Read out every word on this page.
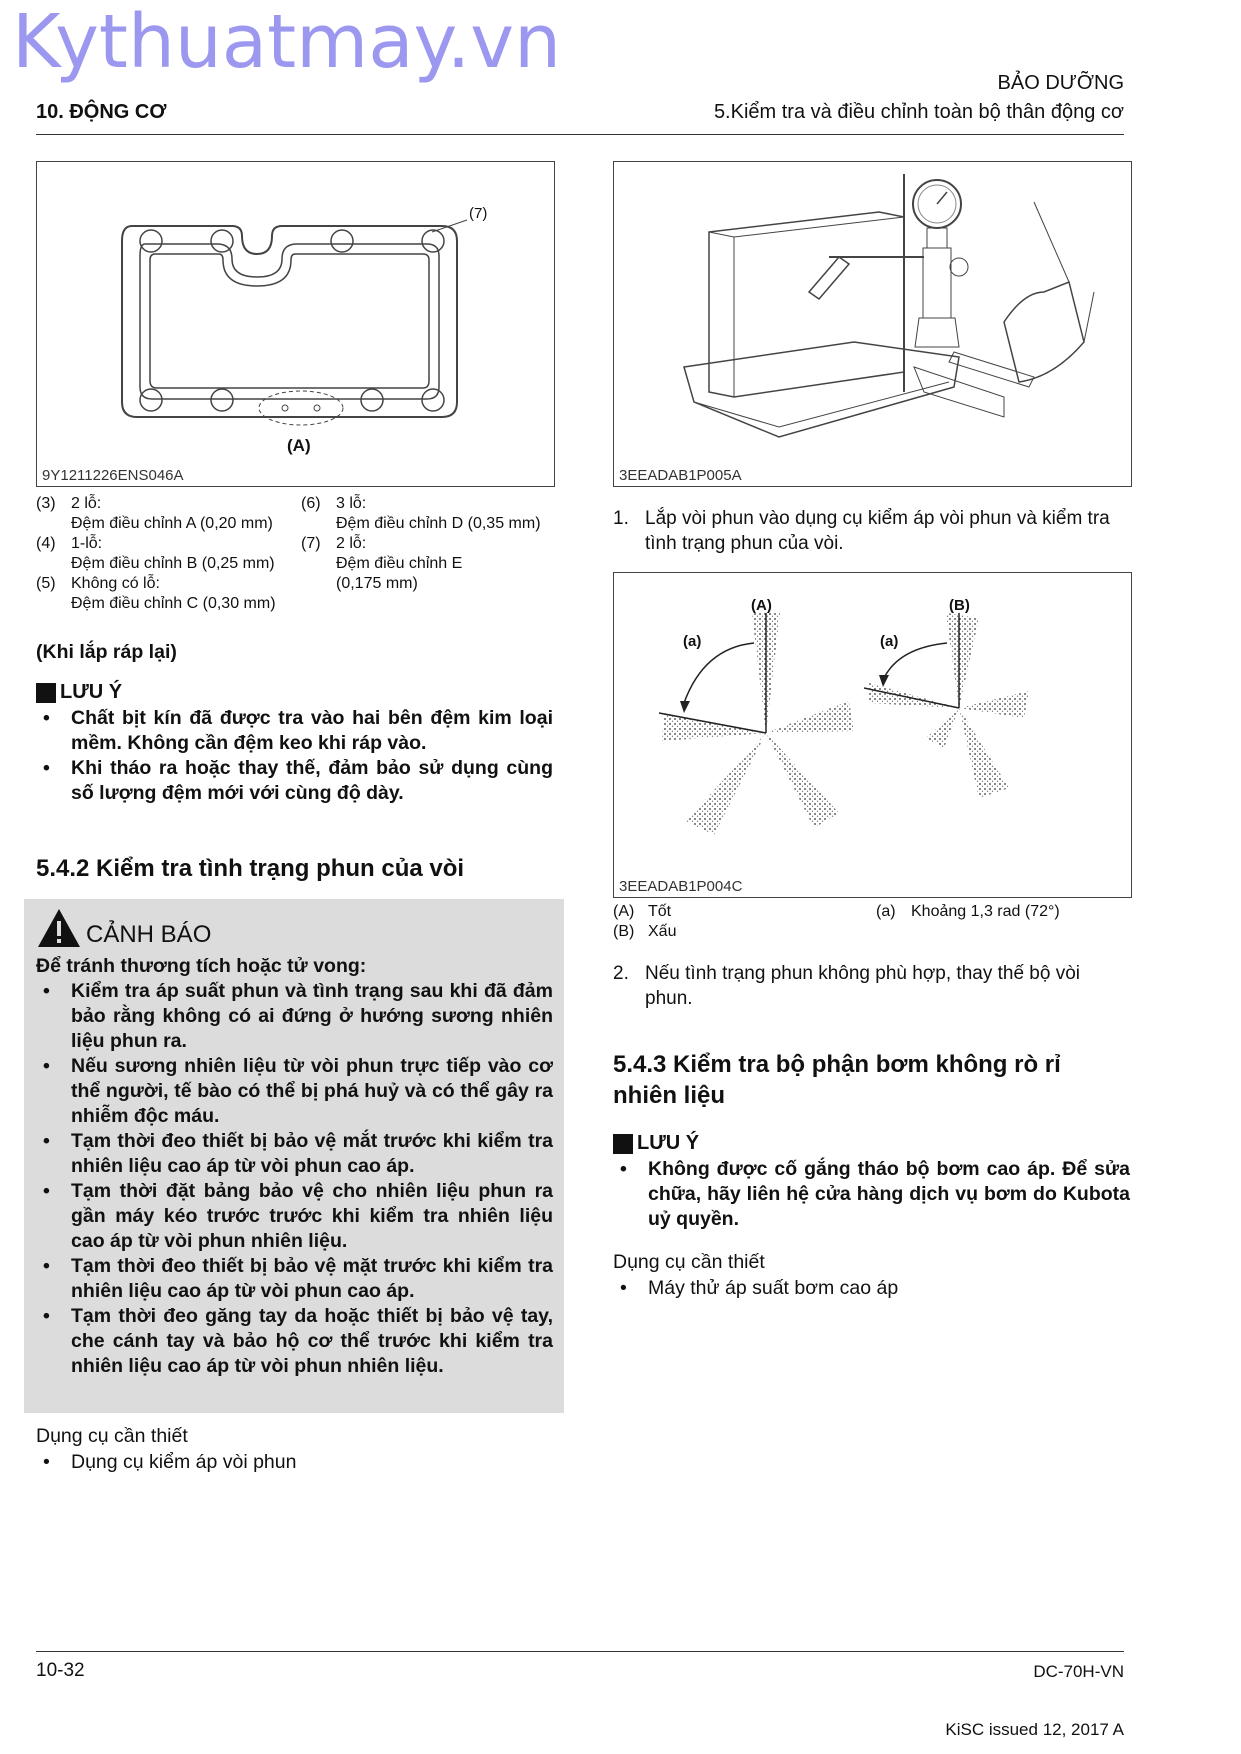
Kythuatmay.vn	BẢO DƯỠNG
10. ĐỘNG CƠ	5.Kiểm tra và điều chỉnh toàn bộ thân động cơ
(7)
(A)
9Y1211226ENS046A
(3) 2 lỗ:
Đệm điều chỉnh A (0,20 mm)
(4) 1-lỗ:
Đệm điều chỉnh B (0,25 mm)
(5) Không có lỗ:
Đệm điều chỉnh C (0,30 mm)
(6) 3 lỗ:
Đệm điều chỉnh D (0,35 mm)
(7) 2 lỗ:
Đệm điều chỉnh E
(0,175 mm)
(Khi lắp ráp lại)
LƯU Ý
• Chất bịt kín đã được tra vào hai bên đệm kim loại mềm. Không cần đệm keo khi ráp vào.
• Khi tháo ra hoặc thay thế, đảm bảo sử dụng cùng số lượng đệm mới với cùng độ dày.
5.4.2 Kiểm tra tình trạng phun của vòi
CẢNH BÁO
Để tránh thương tích hoặc tử vong:
• Kiểm tra áp suất phun và tình trạng sau khi đã đảm bảo rằng không có ai đứng ở hướng sương nhiên liệu phun ra.
• Nếu sương nhiên liệu từ vòi phun trực tiếp vào cơ thể người, tế bào có thể bị phá huỷ và có thể gây ra nhiễm độc máu.
• Tạm thời đeo thiết bị bảo vệ mắt trước khi kiểm tra nhiên liệu cao áp từ vòi phun cao áp.
• Tạm thời đặt bảng bảo vệ cho nhiên liệu phun ra gần máy kéo trước trước khi kiểm tra nhiên liệu cao áp từ vòi phun nhiên liệu.
• Tạm thời đeo thiết bị bảo vệ mặt trước khi kiểm tra nhiên liệu cao áp từ vòi phun cao áp.
• Tạm thời đeo găng tay da hoặc thiết bị bảo vệ tay, che cánh tay và bảo hộ cơ thể trước khi kiểm tra nhiên liệu cao áp từ vòi phun nhiên liệu.
Dụng cụ cần thiết
• Dụng cụ kiểm áp vòi phun
3EEADAB1P005A
1. Lắp vòi phun vào dụng cụ kiểm áp vòi phun và kiểm tra tình trạng phun của vòi.
(A)	(B)
(a)	(a)
3EEADAB1P004C
(A) Tốt
(B) Xấu
(a) Khoảng 1,3 rad (72°)
2. Nếu tình trạng phun không phù hợp, thay thế bộ vòi phun.
5.4.3 Kiểm tra bộ phận bơm không rò rỉ nhiên liệu
LƯU Ý
• Không được cố gắng tháo bộ bơm cao áp. Để sửa chữa, hãy liên hệ cửa hàng dịch vụ bơm do Kubota uỷ quyền.
Dụng cụ cần thiết
• Máy thử áp suất bơm cao áp
10-32	DC-70H-VN
KiSC issued 12, 2017 A
